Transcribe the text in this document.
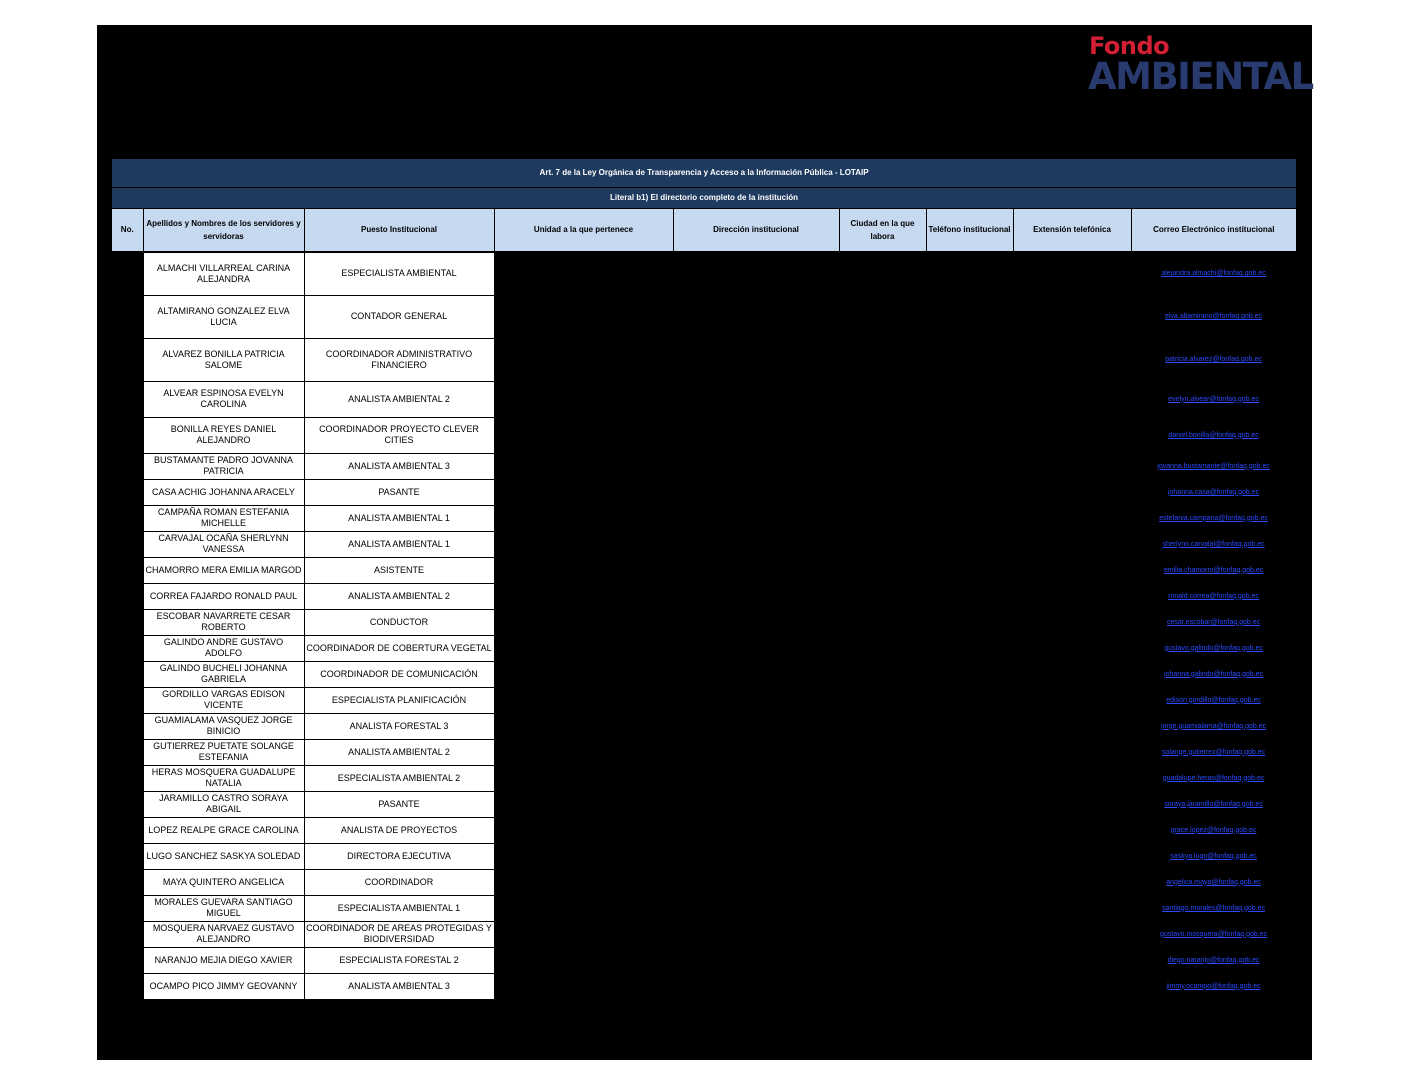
Fondo
AMBIENTAL
Art. 7 de la Ley Orgánica de Transparencia y Acceso a la Información Pública - LOTAIP								
Literal b1) El directorio completo de la institución								
No.	Apellidos y Nombres de los servidores y servidoras	Puesto Institucional	Unidad a la que pertenece	Dirección institucional	Ciudad en la que labora	Teléfono institucional	Extensión telefónica	Correo Electrónico institucional

	ALMACHI VILLARREAL CARINA ALEJANDRA	ESPECIALISTA AMBIENTAL						alejandra.almachi@fonfaq.gob.ec
	ALTAMIRANO GONZALEZ ELVA LUCIA	CONTADOR GENERAL						elva.altamirano@fonfaq.gob.ec
	ALVAREZ BONILLA PATRICIA SALOME	COORDINADOR ADMINISTRATIVO FINANCIERO						patricia.alvarez@fonfaq.gob.ec
	ALVEAR ESPINOSA EVELYN CAROLINA	ANALISTA AMBIENTAL 2						evelyn.alvear@fonfaq.gob.ec
	BONILLA REYES DANIEL ALEJANDRO	COORDINADOR PROYECTO CLEVER CITIES						daniel.bonilla@fonfaq.gob.ec
	BUSTAMANTE PADRO JOVANNA PATRICIA	ANALISTA AMBIENTAL 3						jovanna.bustamante@fonfaq.gob.ec
	CASA ACHIG JOHANNA ARACELY	PASANTE						johanna.casa@fonfaq.gob.ec
	CAMPAÑA ROMAN ESTEFANIA MICHELLE	ANALISTA AMBIENTAL 1						estefania.campana@fonfaq.gob.ec
	CARVAJAL OCAÑA SHERLYNN VANESSA	ANALISTA AMBIENTAL 1						sherlynn.carvajal@fonfaq.gob.ec
	CHAMORRO MERA EMILIA MARGOD	ASISTENTE						emilia.chamorro@fonfaq.gob.ec
	CORREA FAJARDO RONALD PAUL	ANALISTA AMBIENTAL 2						ronald.correa@fonfaq.gob.ec
	ESCOBAR NAVARRETE CESAR ROBERTO	CONDUCTOR						cesar.escobar@fonfaq.gob.ec
	GALINDO ANDRE GUSTAVO ADOLFO	COORDINADOR DE COBERTURA VEGETAL						gustavo.galindo@fonfaq.gob.ec
	GALINDO BUCHELI JOHANNA GABRIELA	COORDINADOR DE COMUNICACIÓN						johanna.galindo@fonfaq.gob.ec
	GORDILLO VARGAS EDISON VICENTE	ESPECIALISTA PLANIFICACIÓN						edison.gordillo@fonfaq.gob.ec
	GUAMIALAMA VASQUEZ JORGE BINICIO	ANALISTA FORESTAL 3						jorge.guamialama@fonfaq.gob.ec
	GUTIERREZ PUETATE SOLANGE ESTEFANIA	ANALISTA AMBIENTAL 2						solange.gutierrez@fonfaq.gob.ec
	HERAS MOSQUERA GUADALUPE NATALIA	ESPECIALISTA AMBIENTAL 2						guadalupe.heras@fonfaq.gob.ec
	JARAMILLO CASTRO SORAYA ABIGAIL	PASANTE						soraya.jaramillo@fonfaq.gob.ec
	LOPEZ REALPE GRACE CAROLINA	ANALISTA DE PROYECTOS						grace.lopez@fonfaq.gob.ec
	LUGO SANCHEZ SASKYA SOLEDAD	DIRECTORA EJECUTIVA						saskya.lugo@fonfaq.gob.ec
	MAYA QUINTERO ANGELICA	COORDINADOR						angelica.maya@fonfaq.gob.ec
	MORALES GUEVARA SANTIAGO MIGUEL	ESPECIALISTA AMBIENTAL 1						santiago.morales@fonfaq.gob.ec
	MOSQUERA NARVAEZ GUSTAVO ALEJANDRO	COORDINADOR DE AREAS PROTEGIDAS Y BIODIVERSIDAD						gustavo.mosquera@fonfaq.gob.ec
	NARANJO MEJIA DIEGO XAVIER	ESPECIALISTA FORESTAL 2						diego.naranjo@fonfaq.gob.ec
	OCAMPO PICO JIMMY GEOVANNY	ANALISTA AMBIENTAL 3						jimmy.ocampo@fonfaq.gob.ec
